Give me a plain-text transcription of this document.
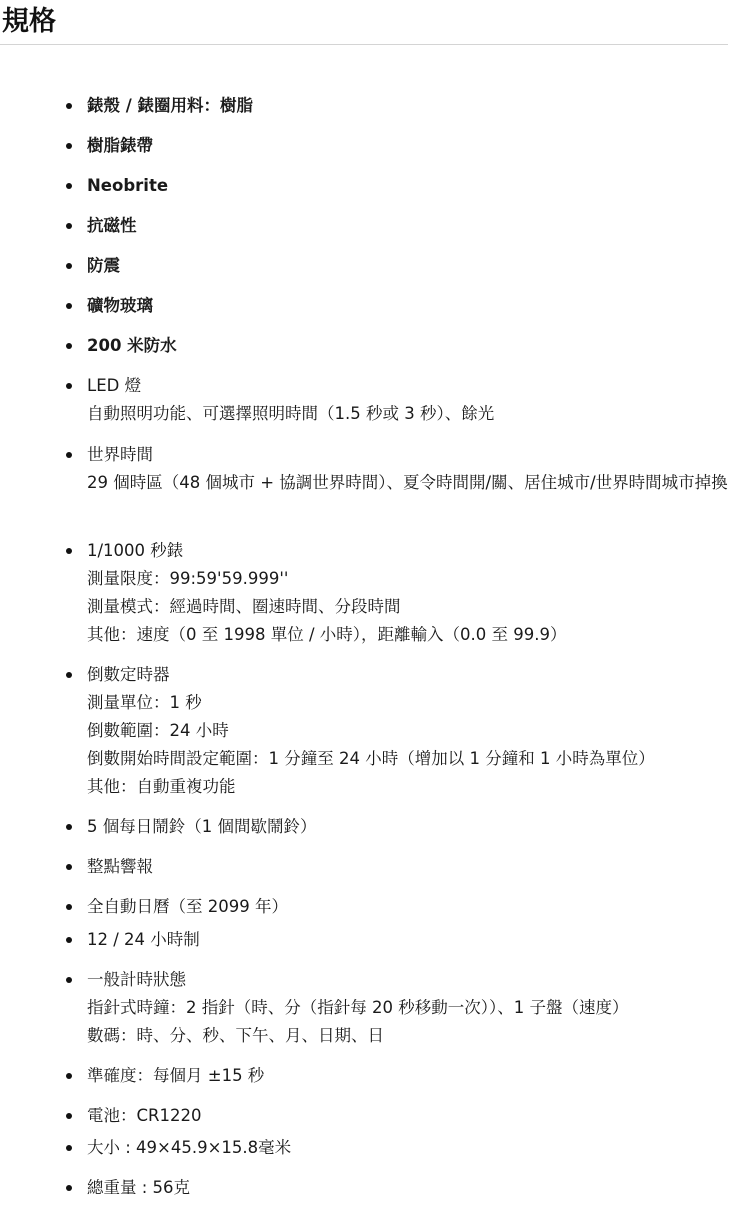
規格
錶殼 / 錶圈用料：樹脂
樹脂錶帶
Neobrite
抗磁性
防震
礦物玻璃
200 米防水
LED 燈
自動照明功能、可選擇照明時間（1.5 秒或 3 秒）、餘光
世界時間
29 個時區（48 個城市 + 協調世界時間）、夏令時間開/關、居住城市/世界時間城市掉換
1/1000 秒錶
測量限度：99:59'59.999''
測量模式：經過時間、圈速時間、分段時間
其他：速度（0 至 1998 單位 / 小時），距離輸入（0.0 至 99.9）
倒數定時器
測量單位：1 秒
倒數範圍：24 小時
倒數開始時間設定範圍：1 分鐘至 24 小時（增加以 1 分鐘和 1 小時為單位）
其他：自動重複功能
5 個每日鬧鈴（1 個間歇鬧鈴）
整點響報
全自動日曆（至 2099 年）
12 / 24 小時制
一般計時狀態
指針式時鐘：2 指針（時、分（指針每 20 秒移動一次））、1 子盤（速度）
數碼：時、分、秒、下午、月、日期、日
準確度：每個月 ±15 秒
電池：CR1220
大小 : 49×45.9×15.8毫米
總重量 : 56克
